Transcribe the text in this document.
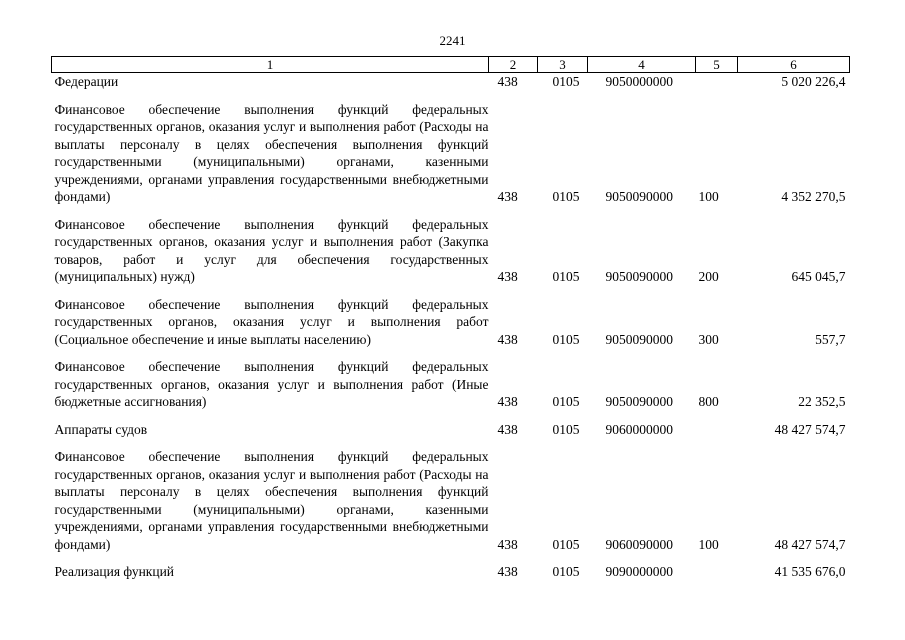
2241
1	2	3	4	5	6
Федерации	438	0105	9050000000		5 020 226,4

Финансовое обеспечение выполнения функций федеральных государственных органов, оказания услуг и выполнения работ (Расходы на выплаты персоналу в целях обеспечения выполнения функций государственными (муниципальными) органами, казенными учреждениями, органами управления государственными внебюджетными фондами)	438	0105	9050090000	100	4 352 270,5

Финансовое обеспечение выполнения функций федеральных государственных органов, оказания услуг и выполнения работ (Закупка товаров, работ и услуг для обеспечения государственных (муниципальных) нужд)	438	0105	9050090000	200	645 045,7

Финансовое обеспечение выполнения функций федеральных государственных органов, оказания услуг и выполнения работ (Социальное обеспечение и иные выплаты населению)	438	0105	9050090000	300	557,7

Финансовое обеспечение выполнения функций федеральных государственных органов, оказания услуг и выполнения работ (Иные бюджетные ассигнования)	438	0105	9050090000	800	22 352,5

Аппараты судов	438	0105	9060000000		48 427 574,7

Финансовое обеспечение выполнения функций федеральных государственных органов, оказания услуг и выполнения работ (Расходы на выплаты персоналу в целях обеспечения выполнения функций государственными (муниципальными) органами, казенными учреждениями, органами управления государственными внебюджетными фондами)	438	0105	9060090000	100	48 427 574,7

Реализация функций	438	0105	9090000000		41 535 676,0
